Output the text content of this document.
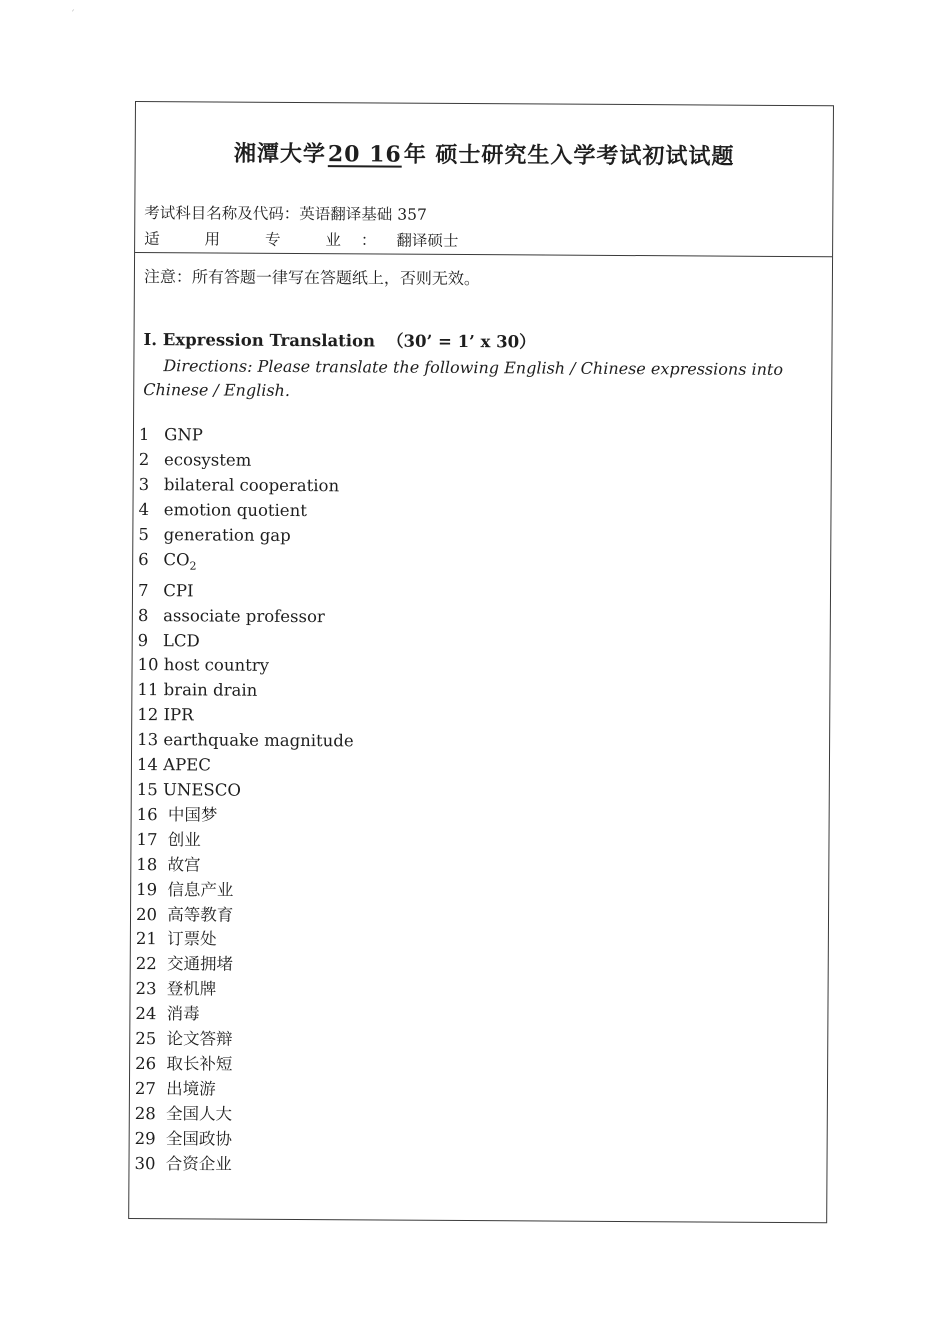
ˊ
湘潭大学20 16年 硕士研究生入学考试初试试题
考试科目名称及代码：英语翻译基础 357
适 用 专 业：翻译硕士
注意：所有答题一律写在答题纸上，否则无效。

I. Expression Translation （30’ = 1’ x 30）

Directions: Please translate the following English / Chinese expressions into Chinese / English.

1 GNP
2 ecosystem
3 bilateral cooperation
4 emotion quotient
5 generation gap
6 $CO_2$
7 CPI
8 associate professor
9 LCD
10 host country
11 brain drain
12 IPR
13 earthquake magnitude
14 APEC
15 UNESCO
16 中国梦
17 创业
18 故宫
19 信息产业
20 高等教育
21 订票处
22 交通拥堵
23 登机牌
24 消毒
25 论文答辩
26 取长补短
27 出境游
28 全国人大
29 全国政协
30 合资企业
